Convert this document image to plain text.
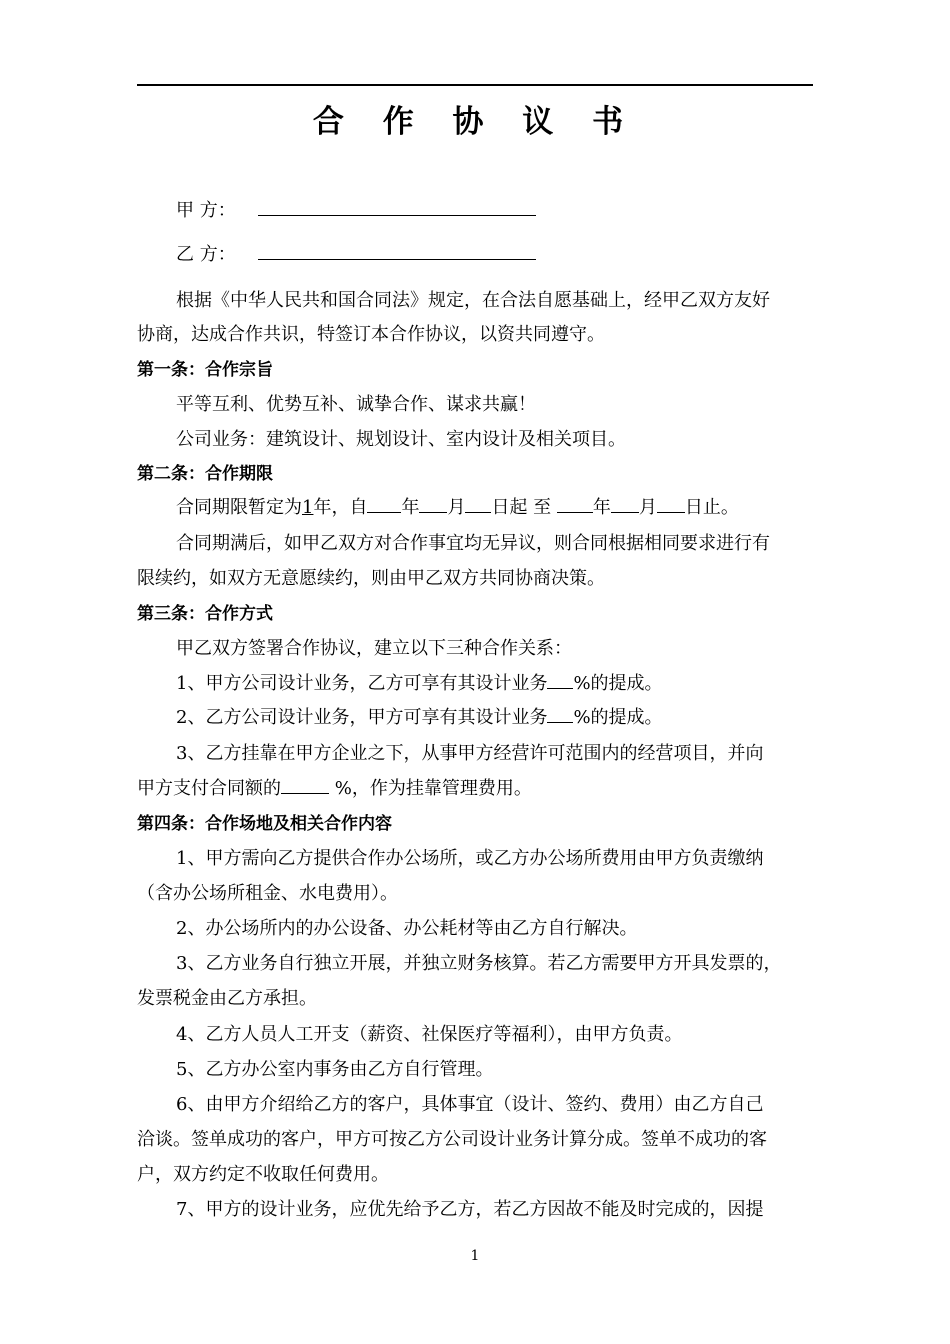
合 作 协 议 书
甲 方：
乙 方：
根据《中华人民共和国合同法》规定，在合法自愿基础上，经甲乙双方友好
协商，达成合作共识，特签订本合作协议，以资共同遵守。
第一条：合作宗旨
平等互利、优势互补、诚挚合作、谋求共赢！
公司业务：建筑设计、规划设计、室内设计及相关项目。
第二条：合作期限
合同期限暂定为1年，自 年 月 日起 至 年 月 日止。
合同期满后，如甲乙双方对合作事宜均无异议，则合同根据相同要求进行有
限续约，如双方无意愿续约，则由甲乙双方共同协商决策。
第三条：合作方式
甲乙双方签署合作协议，建立以下三种合作关系：
1、甲方公司设计业务，乙方可享有其设计业务 %的提成。
2、乙方公司设计业务，甲方可享有其设计业务 %的提成。
3、乙方挂靠在甲方企业之下，从事甲方经营许可范围内的经营项目，并向
甲方支付合同额的	%，作为挂靠管理费用。
第四条：合作场地及相关合作内容
1、甲方需向乙方提供合作办公场所，或乙方办公场所费用由甲方负责缴纳
（含办公场所租金、水电费用）。
2、办公场所内的办公设备、办公耗材等由乙方自行解决。
3、乙方业务自行独立开展，并独立财务核算。若乙方需要甲方开具发票的，
发票税金由乙方承担。
4、乙方人员人工开支（薪资、社保医疗等福利），由甲方负责。
5、乙方办公室内事务由乙方自行管理。
6、由甲方介绍给乙方的客户，具体事宜（设计、签约、费用）由乙方自己
洽谈。签单成功的客户，甲方可按乙方公司设计业务计算分成。签单不成功的客
户，双方约定不收取任何费用。
7、甲方的设计业务，应优先给予乙方，若乙方因故不能及时完成的，因提
1
